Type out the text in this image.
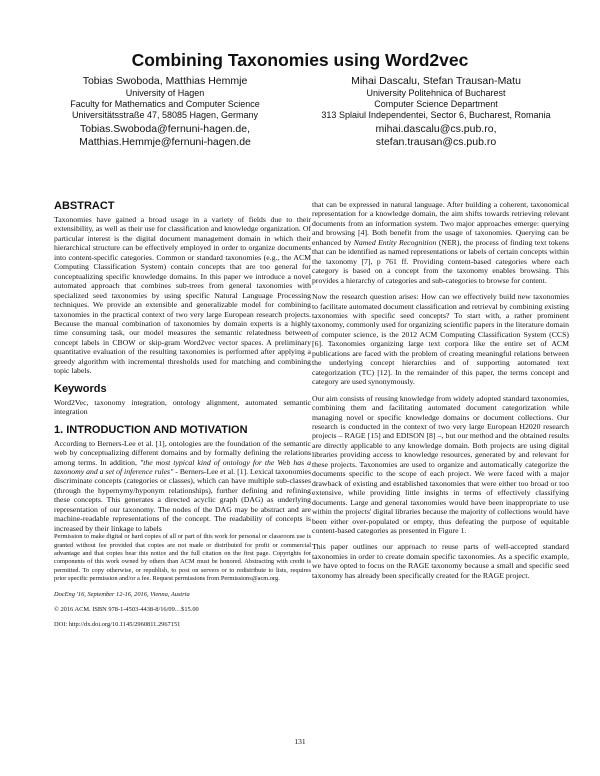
Combining Taxonomies using Word2vec
Tobias Swoboda, Matthias Hemmje
University of Hagen
Faculty for Mathematics and Computer Science
Universitätsstraße 47, 58085 Hagen, Germany
Tobias.Swoboda@fernuni-hagen.de,
Matthias.Hemmje@fernuni-hagen.de
Mihai Dascalu, Stefan Trausan-Matu
University Politehnica of Bucharest
Computer Science Department
313 Splaiul Independentei, Sector 6, Bucharest, Romania
mihai.dascalu@cs.pub.ro,
stefan.trausan@cs.pub.ro
ABSTRACT

Taxonomies have gained a broad usage in a variety of fields due to their extensibility, as well as their use for classification and knowledge organization. Of particular interest is the digital document management domain in which their hierarchical structure can be effectively employed in order to organize documents into content-specific categories. Common or standard taxonomies (e.g., the ACM Computing Classification System) contain concepts that are too general for conceptualizing specific knowledge domains. In this paper we introduce a novel automated approach that combines sub-trees from general taxonomies with specialized seed taxonomies by using specific Natural Language Processing techniques. We provide an extensible and generalizable model for combining taxonomies in the practical context of two very large European research projects. Because the manual combination of taxonomies by domain experts is a highly time consuming task, our model measures the semantic relatedness between concept labels in CBOW or skip-gram Word2vec vector spaces. A preliminary quantitative evaluation of the resulting taxonomies is performed after applying a greedy algorithm with incremental thresholds used for matching and combining topic labels.

Keywords

Word2Vec, taxonomy integration, ontology alignment, automated semantic integration

1. INTRODUCTION AND MOTIVATION

According to Berners-Lee et al. [1], ontologies are the foundation of the semantic web by conceptualizing different domains and by formally defining the relations among terms. In addition, "the most typical kind of ontology for the Web has a taxonomy and a set of inference rules" - Berners-Lee et al. [1]. Lexical taxonomies discriminate concepts (categories or classes), which can have multiple sub-classes (through the hypernymy/hyponym relationships), further defining and refining these concepts. This generates a directed acyclic graph (DAG) as underlying representation of our taxonomy. The nodes of the DAG may be abstract and are machine-readable representations of the concept. The readability of concepts is increased by their linkage to labels

Permission to make digital or hard copies of all or part of this work for personal or classroom use is granted without fee provided that copies are not made or distributed for profit or commercial advantage and that copies bear this notice and the full citation on the first page. Copyrights for components of this work owned by others than ACM must be honored. Abstracting with credit is permitted. To copy otherwise, or republish, to post on servers or to redistribute to lists, requires prior specific permission and/or a fee. Request permissions from Permissions@acm.org.

DocEng '16, September 12-16, 2016, Vienna, Austria

© 2016 ACM. ISBN 978-1-4503-4438-8/16/09…$15.00

DOI: http://dx.doi.org/10.1145/2960811.2967151

that can be expressed in natural language. After building a coherent, taxonomical representation for a knowledge domain, the aim shifts towards retrieving relevant documents from an information system. Two major approaches emerge: querying and browsing [4]. Both benefit from the usage of taxonomies. Querying can be enhanced by Named Entity Recognition (NER), the process of finding text tokens that can be identified as named representations or labels of certain concepts within the taxonomy [7], p 761 ff. Providing content-based categories where each category is based on a concept from the taxonomy enables browsing. This provides a hierarchy of categories and sub-categories to browse for content.

Now the research question arises: How can we effectively build new taxonomies to facilitate automated document classification and retrieval by combining existing taxonomies with specific seed concepts? To start with, a rather prominent taxonomy, commonly used for organizing scientific papers in the literature domain of computer science, is the 2012 ACM Computing Classification System (CCS) [6]. Taxonomies organizing large text corpora like the entire set of ACM publications are faced with the problem of creating meaningful relations between the underlying concept hierarchies and of supporting automated text categorization (TC) [12]. In the remainder of this paper, the terms concept and category are used synonymously.

Our aim consists of reusing knowledge from widely adopted standard taxonomies, combining them and facilitating automated document categorization while managing novel or specific knowledge domains or document collections. Our research is conducted in the context of two very large European H2020 research projects – RAGE [15] and EDISON [8] –, but our method and the obtained results are directly applicable to any knowledge domain. Both projects are using digital libraries providing access to knowledge resources, generated by and relevant for these projects. Taxonomies are used to organize and automatically categorize the documents specific to the scope of each project. We were faced with a major drawback of existing and established taxonomies that were either too broad or too extensive, while providing little insights in terms of effectively classifying documents. Large and general taxonomies would have been inappropriate to use within the projects' digital libraries because the majority of collections would have been either over-populated or empty, thus defeating the purpose of equitable content-based categories as presented in Figure 1.

This paper outlines our approach to reuse parts of well-accepted standard taxonomies in order to create domain specific taxonomies. As a specific example, we have opted to focus on the RAGE taxonomy because a small and specific seed taxonomy has already been specifically created for the RAGE project.

131
